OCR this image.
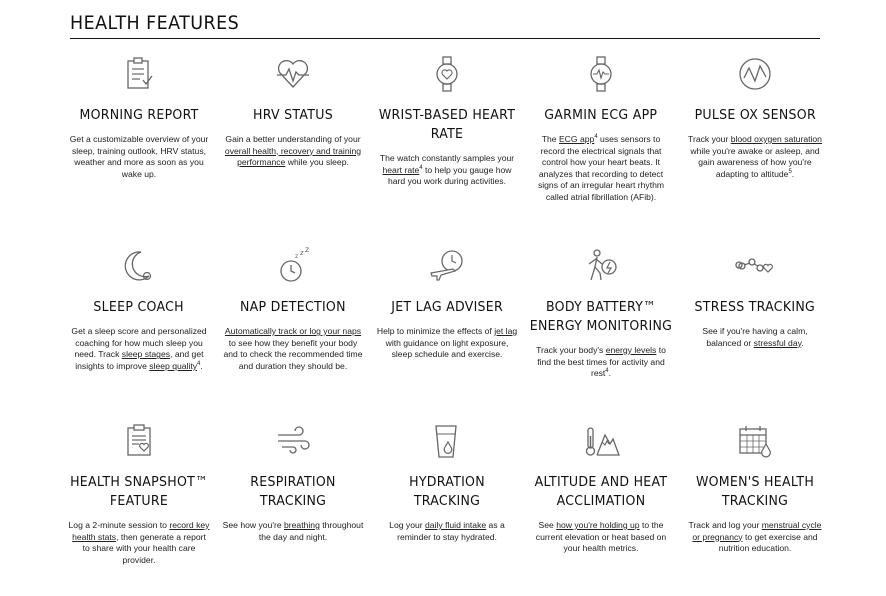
HEALTH FEATURES
MORNING REPORT
Get a customizable overview of your sleep, training outlook, HRV status, weather and more as soon as you wake up.
HRV STATUS
Gain a better understanding of your overall health, recovery and training performance while you sleep.
WRIST-BASED HEART RATE
The watch constantly samples your heart rate$^4$ to help you gauge how hard you work during activities.
GARMIN ECG APP
The ECG app$^4$ uses sensors to record the electrical signals that control how your heart beats. It analyzes that recording to detect signs of an irregular heart rhythm called atrial fibrillation (AFib).
PULSE OX SENSOR
Track your blood oxygen saturation while you're awake or asleep, and gain awareness of how you're adapting to altitude$^5$.
SLEEP COACH
Get a sleep score and personalized coaching for how much sleep you need. Track sleep stages, and get insights to improve sleep quality$^4$.
z z z
NAP DETECTION
Automatically track or log your naps to see how they benefit your body and to check the recommended time and duration they should be.
JET LAG ADVISER
Help to minimize the effects of jet lag with guidance on light exposure, sleep schedule and exercise.
BODY BATTERY™ ENERGY MONITORING
Track your body's energy levels to find the best times for activity and rest$^4$.
STRESS TRACKING
See if you're having a calm, balanced or stressful day.
HEALTH SNAPSHOT™ FEATURE
Log a 2-minute session to record key health stats, then generate a report to share with your health care provider.
RESPIRATION TRACKING
See how you're breathing throughout the day and night.
HYDRATION TRACKING
Log your daily fluid intake as a reminder to stay hydrated.
ALTITUDE AND HEAT ACCLIMATION
See how you're holding up to the current elevation or heat based on your health metrics.
WOMEN'S HEALTH TRACKING
Track and log your menstrual cycle or pregnancy to get exercise and nutrition education.
